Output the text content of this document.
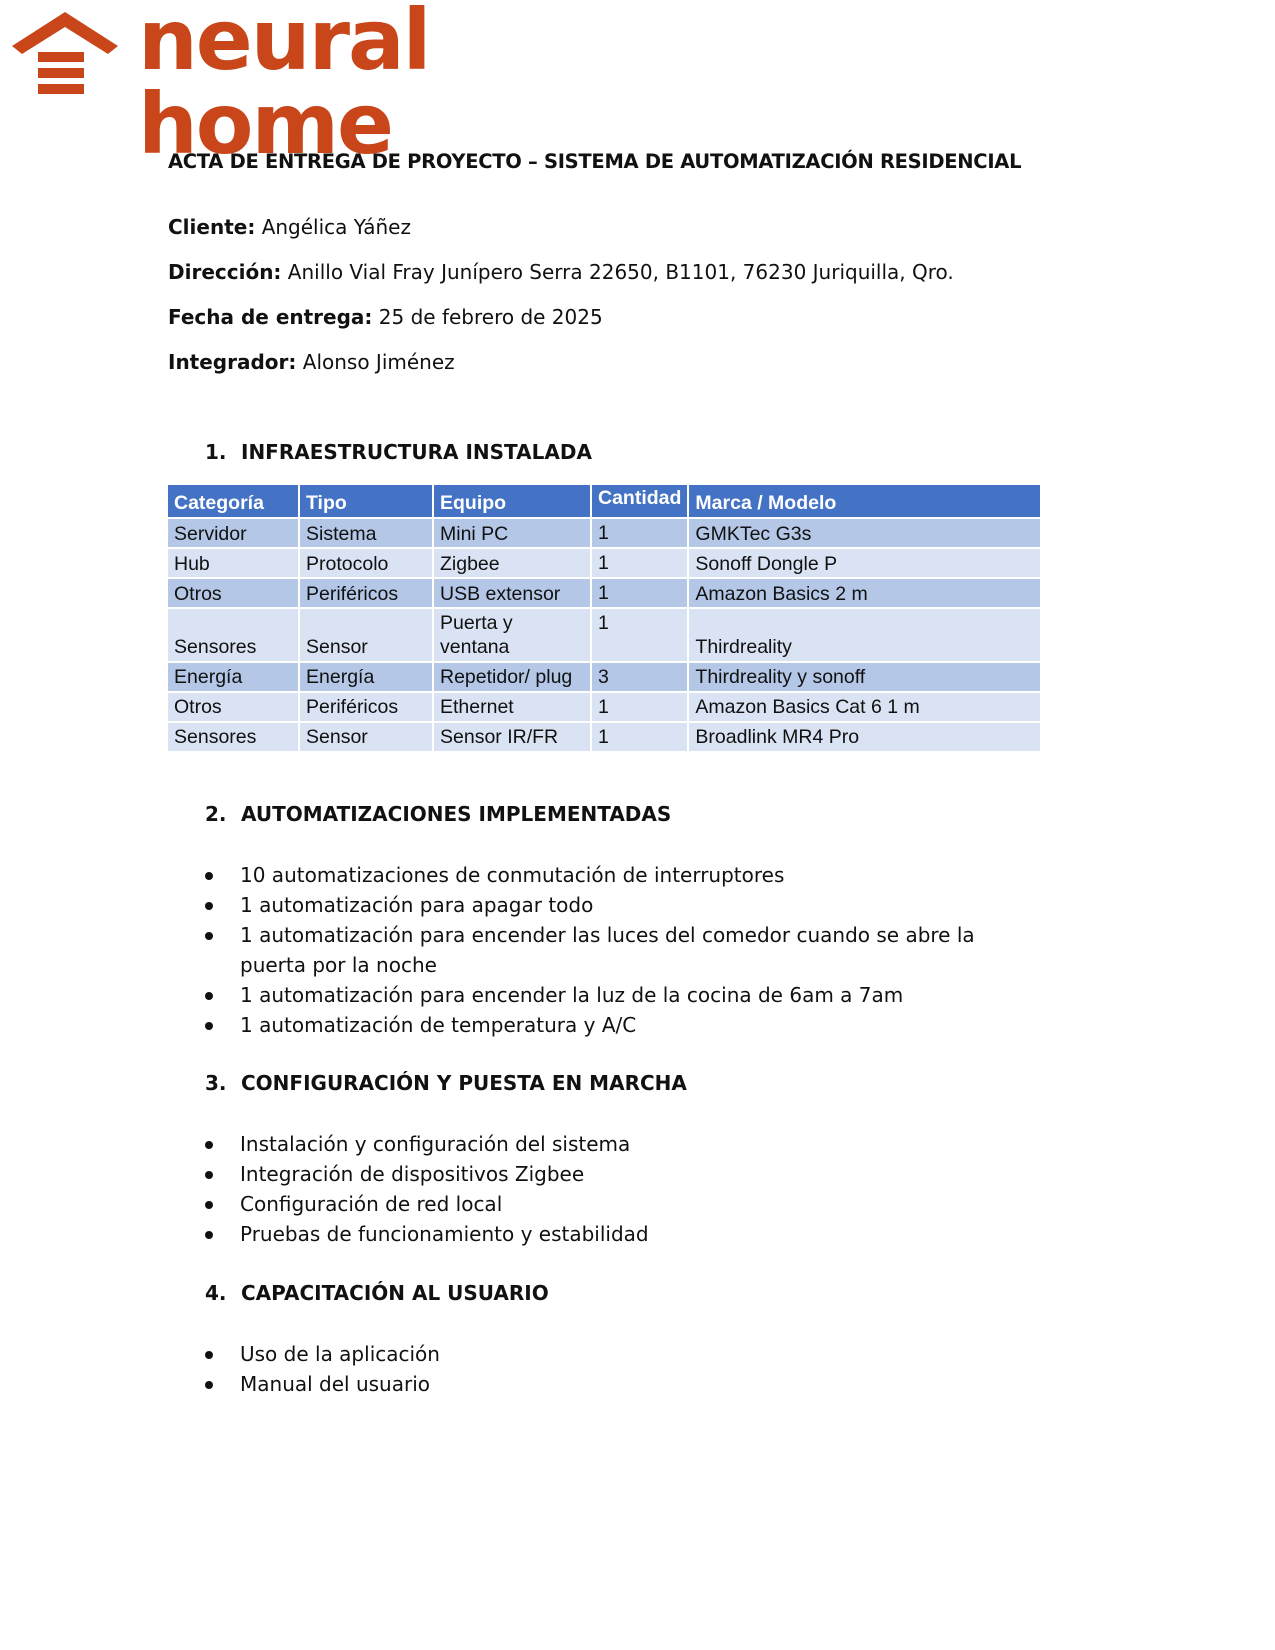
neural home
ACTA DE ENTREGA DE PROYECTO – SISTEMA DE AUTOMATIZACIÓN RESIDENCIAL
Cliente: Angélica Yáñez
Dirección: Anillo Vial Fray Junípero Serra 22650, B1101, 76230 Juriquilla, Qro.
Fecha de entrega: 25 de febrero de 2025
Integrador: Alonso Jiménez
1. INFRAESTRUCTURA INSTALADA
Categoría	Tipo	Equipo	Cantidad	Marca / Modelo
Servidor	Sistema	Mini PC	1	GMKTec G3s
Hub	Protocolo	Zigbee	1	Sonoff Dongle P
Otros	Periféricos	USB extensor	1	Amazon Basics 2 m
Sensores	Sensor	Puerta y ventana	1	Thirdreality
Energía	Energía	Repetidor/ plug	3	Thirdreality y sonoff
Otros	Periféricos	Ethernet	1	Amazon Basics Cat 6 1 m
Sensores	Sensor	Sensor IR/FR	1	Broadlink MR4 Pro
2. AUTOMATIZACIONES IMPLEMENTADAS
10 automatizaciones de conmutación de interruptores
1 automatización para apagar todo
1 automatización para encender las luces del comedor cuando se abre la puerta por la noche
1 automatización para encender la luz de la cocina de 6am a 7am
1 automatización de temperatura y A/C
3. CONFIGURACIÓN Y PUESTA EN MARCHA
Instalación y configuración del sistema
Integración de dispositivos Zigbee
Configuración de red local
Pruebas de funcionamiento y estabilidad
4. CAPACITACIÓN AL USUARIO
Uso de la aplicación
Manual del usuario
